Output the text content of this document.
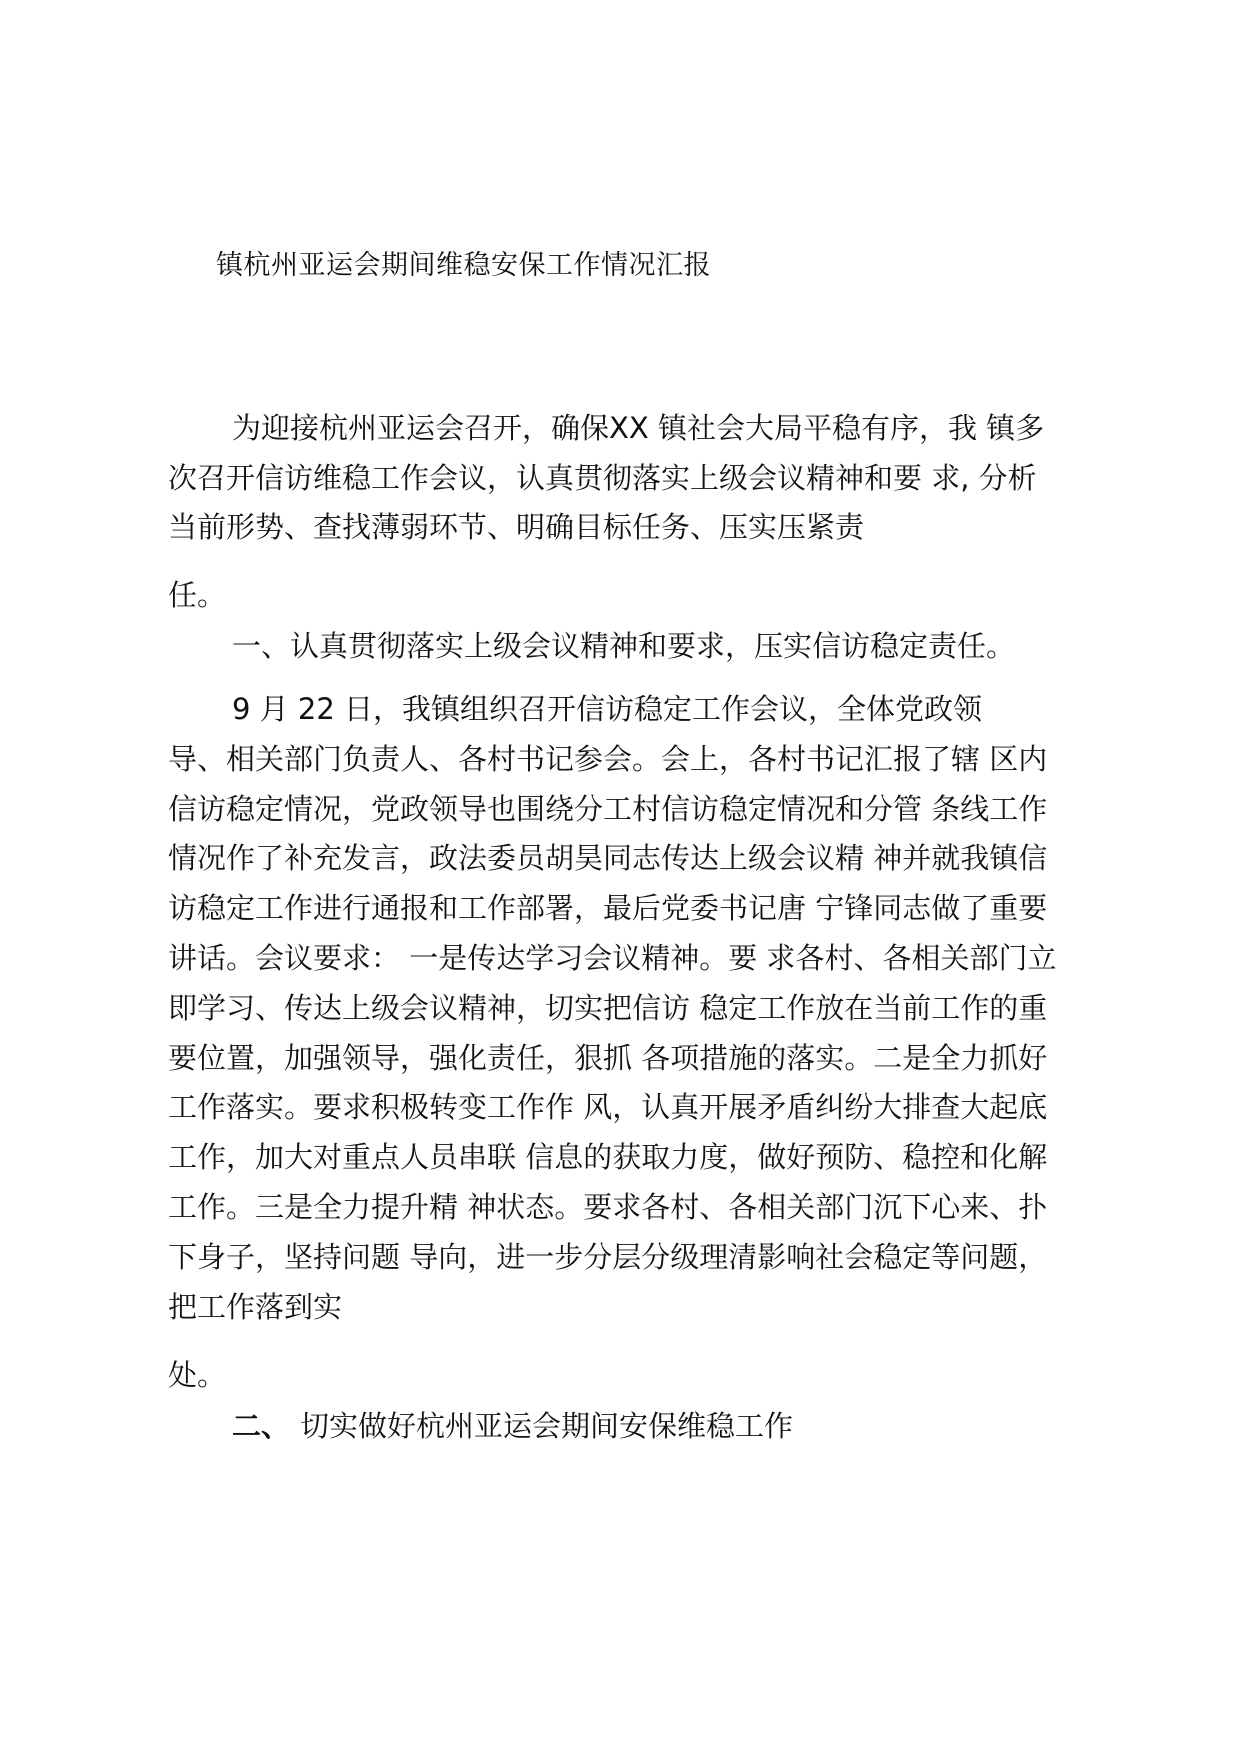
镇杭州亚运会期间维稳安保工作情况汇报
为迎接杭州亚运会召开，确保XX 镇社会大局平稳有序，我 镇多
次召开信访维稳工作会议，认真贯彻落实上级会议精神和要 求, 分析
当前形势、查找薄弱环节、明确目标任务、压实压紧责
任。
一、认真贯彻落实上级会议精神和要求，压实信访稳定责任。
9 月 22 日，我镇组织召开信访稳定工作会议，全体党政领
导、相关部门负责人、各村书记参会。会上，各村书记汇报了辖 区内
信访稳定情况，党政领导也围绕分工村信访稳定情况和分管 条线工作
情况作了补充发言，政法委员胡昊同志传达上级会议精 神并就我镇信
访稳定工作进行通报和工作部署，最后党委书记唐 宁锋同志做了重要
讲话。会议要求： 一是传达学习会议精神。要 求各村、各相关部门立
即学习、传达上级会议精神，切实把信访 稳定工作放在当前工作的重
要位置，加强领导，强化责任，狠抓 各项措施的落实。二是全力抓好
工作落实。要求积极转变工作作 风，认真开展矛盾纠纷大排查大起底
工作，加大对重点人员串联 信息的获取力度，做好预防、稳控和化解
工作。三是全力提升精 神状态。要求各村、各相关部门沉下心来、扑
下身子，坚持问题 导向，进一步分层分级理清影响社会稳定等问题，
把工作落到实
处。
二、 切实做好杭州亚运会期间安保维稳工作
